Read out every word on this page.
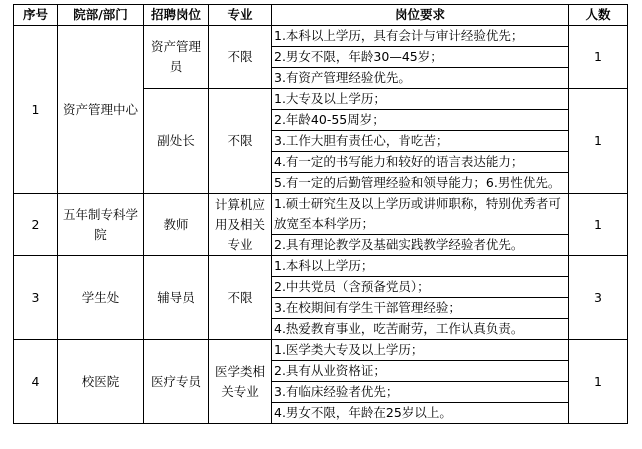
序号	院部/部门	招聘岗位	专业	岗位要求	人数
1	资产管理中心	资产管理员	不限	1.本科以上学历，具有会计与审计经验优先；
2.男女不限，年龄30—45岁；
3.有资产管理经验优先。	1
		副处长	不限	1.大专及以上学历；
2.年龄40-55周岁；
3.工作大胆有责任心，肯吃苦；
4.有一定的书写能力和较好的语言表达能力；
5.有一定的后勤管理经验和领导能力；6.男性优先。	1
2	五年制专科学院	教师	计算机应用及相关专业	1.硕士研究生及以上学历或讲师职称，特别优秀者可放宽至本科学历；
2.具有理论教学及基础实践教学经验者优先。	1
3	学生处	辅导员	不限	1.本科以上学历；
2.中共党员（含预备党员）；
3.在校期间有学生干部管理经验；
4.热爱教育事业，吃苦耐劳，工作认真负责。	3
4	校医院	医疗专员	医学类相关专业	1.医学类大专及以上学历；
2.具有从业资格证；
3.有临床经验者优先；
4.男女不限，年龄在25岁以上。	1
